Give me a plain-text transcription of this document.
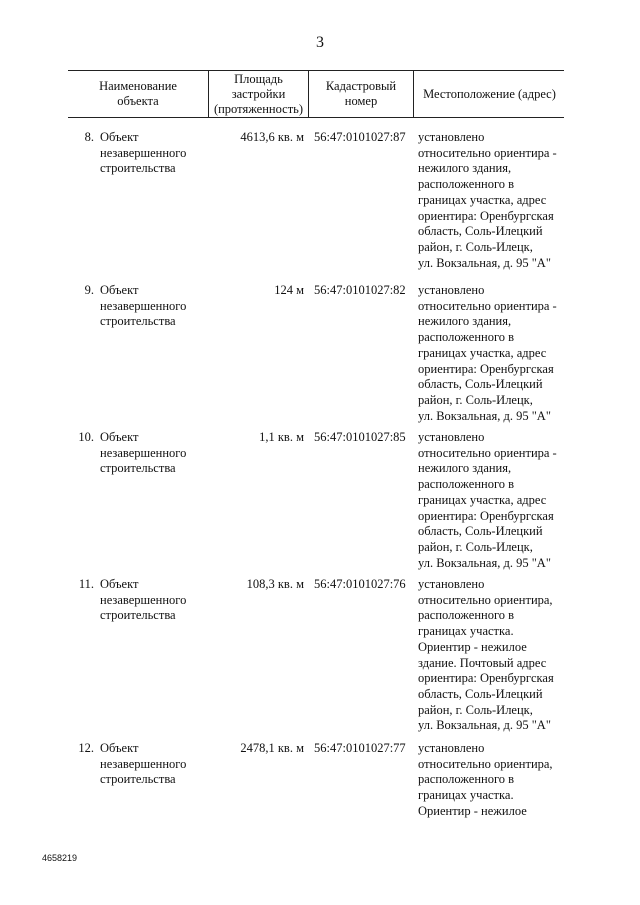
3
Наименование
объекта
Площадь
застройки
(протяженность)
Кадастровый
номер
Местоположение (адрес)
8. Объект
незавершенного
строительства
4613,6 кв. м 56:47:0101027:87 установлено
относительно ориентира -
нежилого здания,
расположенного в
границах участка, адрес
ориентира: Оренбургская
область, Соль-Илецкий
район, г. Соль-Илецк,
ул. Вокзальная, д. 95 "А"
9. Объект
незавершенного
строительства
124 м 56:47:0101027:82 установлено
относительно ориентира -
нежилого здания,
расположенного в
границах участка, адрес
ориентира: Оренбургская
область, Соль-Илецкий
район, г. Соль-Илецк,
ул. Вокзальная, д. 95 "А"
10. Объект
незавершенного
строительства
1,1 кв. м 56:47:0101027:85 установлено
относительно ориентира -
нежилого здания,
расположенного в
границах участка, адрес
ориентира: Оренбургская
область, Соль-Илецкий
район, г. Соль-Илецк,
ул. Вокзальная, д. 95 "А"
11. Объект
незавершенного
строительства
108,3 кв. м 56:47:0101027:76 установлено
относительно ориентира,
расположенного в
границах участка.
Ориентир - нежилое
здание. Почтовый адрес
ориентира: Оренбургская
область, Соль-Илецкий
район, г. Соль-Илецк,
ул. Вокзальная, д. 95 "А"
12. Объект
незавершенного
строительства
2478,1 кв. м 56:47:0101027:77 установлено
относительно ориентира,
расположенного в
границах участка.
Ориентир - нежилое
4658219
